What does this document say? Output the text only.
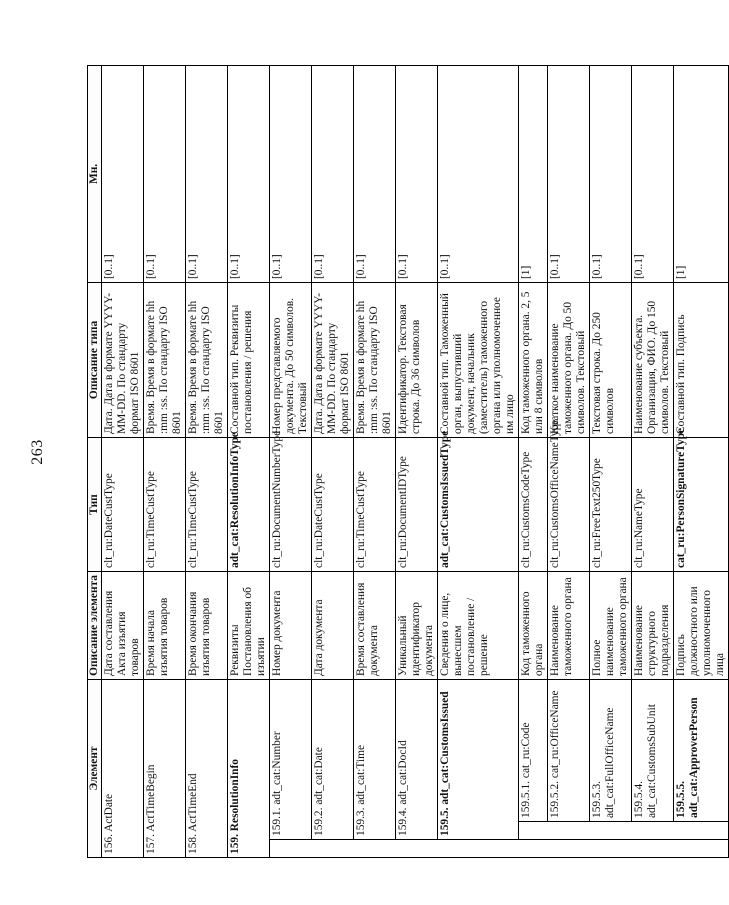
263
Элемент			Описание элемента	Тип	Описание типа	Мн.
156. ActDate			Дата составления Акта изъятия товаров	clt_ru:DateCustType	Дата. Дата в формате YYYY-MM-DD. По стандарту формат ISO 8601	[0..1]
157. ActTimeBegin			Время начала изъятия товаров	clt_ru:TimeCustType	Время. Время в формате hh :mm :ss. По стандарту ISO 8601	[0..1]
158. ActTimeEnd			Время окончания изъятия товаров	clt_ru:TimeCustType	Время. Время в формате hh :mm :ss. По стандарту ISO 8601	[0..1]
159. ResolutionInfo			Реквизиты Постановления об изъятии	adt_cat:ResolutionInfoType	Составной тип. Реквизиты постановления / решения	[0..1]
	159.1. adt_cat:Number		Номер документа	clt_ru:DocumentNumberType	Номер представляемого документа. До 50 символов. Текстовый	[0..1]
	159.2. adt_cat:Date		Дата документа	clt_ru:DateCustType	Дата. Дата в формате YYYY-MM-DD. По стандарту формат ISO 8601	[0..1]
	159.3. adt_cat:Time		Время составления документа	clt_ru:TimeCustType	Время. Время в формате hh :mm :ss. По стандарту ISO 8601	[0..1]
	159.4. adt_cat:DocId		Уникальный идентификатор документа	clt_ru:DocumentIDType	Идентификатор. Текстовая строка. До 36 символов	[0..1]
	159.5. adt_cat:CustomsIssued		Сведения о лице, вынесшем постановление / решение	adt_cat:CustomsIssuedType	Составной тип. Таможенный орган, выпустивший документ, начальник (заместитель) таможенного органа или уполномоченное им лицо	[0..1]
		159.5.1. cat_ru:Code	Код таможенного органа	clt_ru:CustomsCodeType	Код таможенного органа. 2, 5 или 8 символов	[1]
		159.5.2. cat_ru:OfficeName	Наименование таможенного органа	clt_ru:CustomsOfficeNameType	Краткое наименование таможенного органа. До 50 символов. Текстовый	[0..1]
		159.5.3. adt_cat:FullOfficeName	Полное наименование таможенного органа	clt_ru:FreeText250Type	Текстовая строка. До 250 символов	[0..1]
		159.5.4. adt_cat:CustomsSubUnit	Наименование структурного подразделения	clt_ru:NameType	Наименование субъекта. Организация, ФИО. До 150 символов. Текстовый	[0..1]
		159.5.5. adt_cat:ApproverPerson	Подпись должностного или уполномоченного лица	cat_ru:PersonSignatureType	Составной тип. Подпись	[1]
